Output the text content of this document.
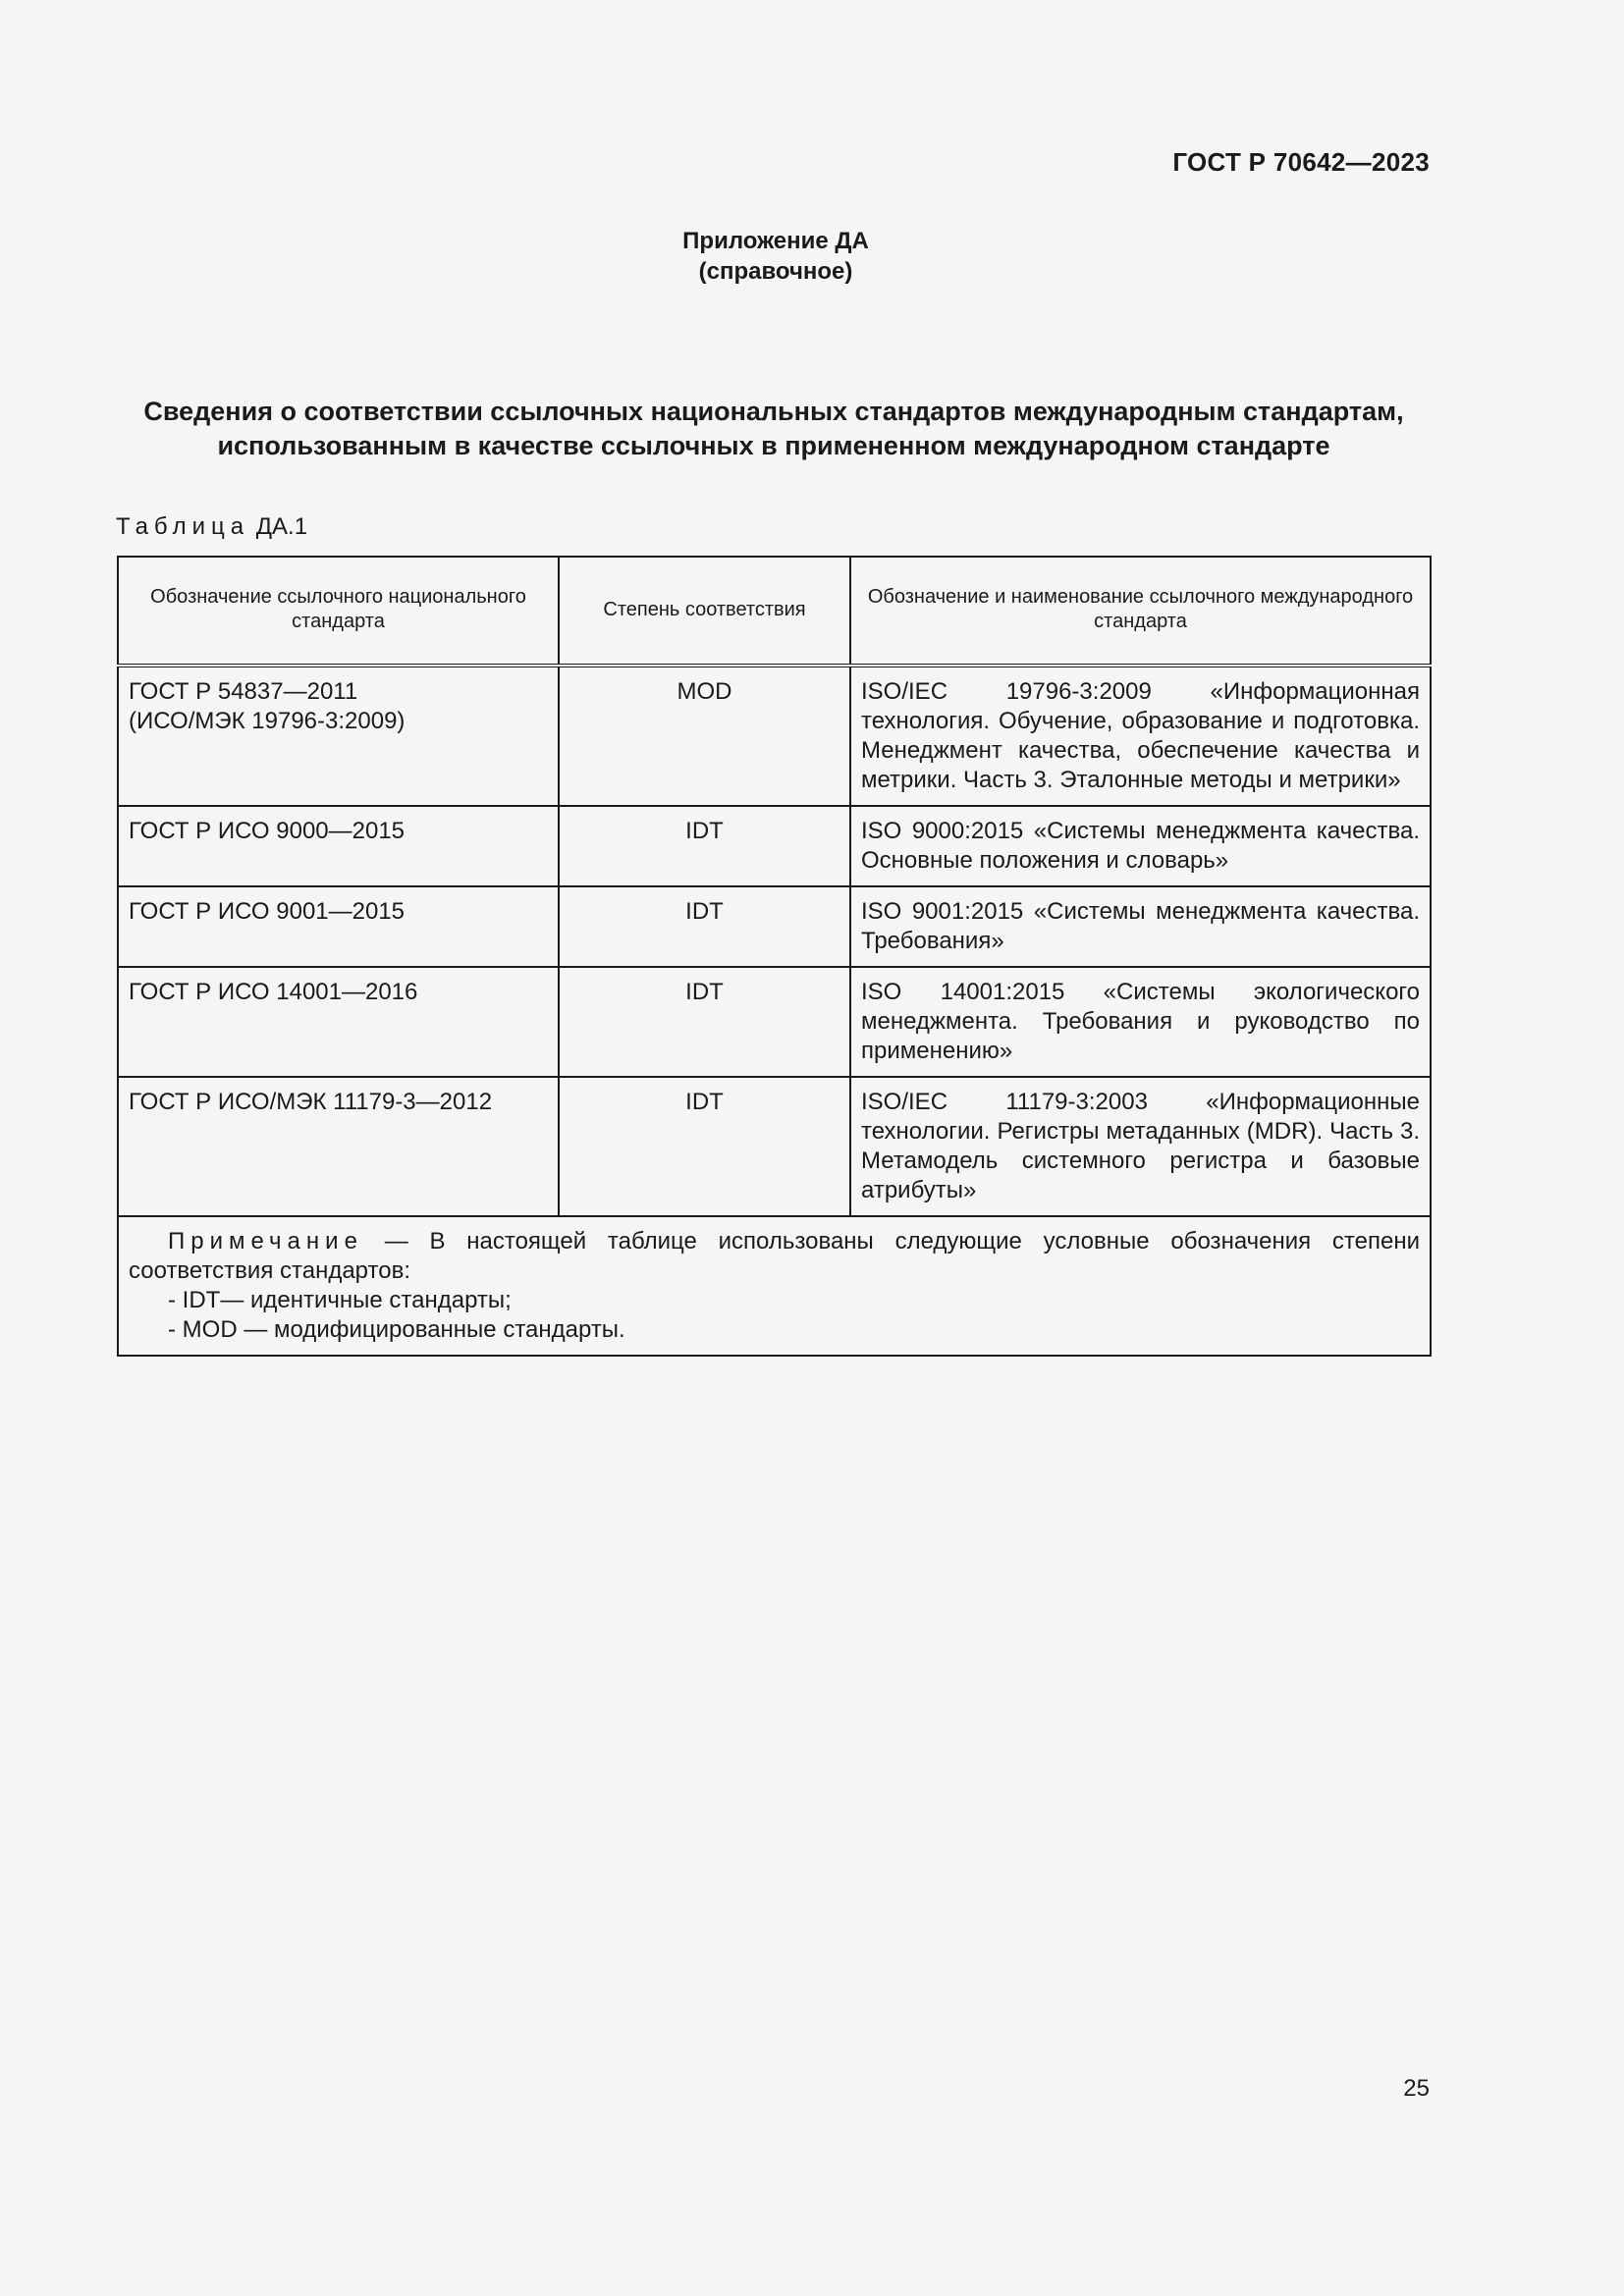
ГОСТ Р 70642—2023
Приложение ДА
(справочное)
Сведения о соответствии ссылочных национальных стандартов международным стандартам,
использованным в качестве ссылочных в примененном международном стандарте
Таблица ДА.1
Обозначение ссылочного национального стандарта	Степень соответствия	Обозначение и наименование ссылочного международного стандарта

ГОСТ Р 54837—2011
(ИСО/МЭК 19796-3:2009)	MOD	ISO/IEC 19796-3:2009 «Информационная технология. Обучение, образование и подготовка. Менеджмент качества, обеспечение качества и метрики. Часть 3. Эталонные методы и метрики»

ГОСТ Р ИСО 9000—2015	IDT	ISO 9000:2015 «Системы менеджмента качества. Основные положения и словарь»

ГОСТ Р ИСО 9001—2015	IDT	ISO 9001:2015 «Системы менеджмента качества. Требования»

ГОСТ Р ИСО 14001—2016	IDT	ISO 14001:2015 «Системы экологического менеджмента. Требования и руководство по применению»

ГОСТ Р ИСО/МЭК 11179-3—2012	IDT	ISO/IEC 11179-3:2003 «Информационные технологии. Регистры метаданных (MDR). Часть 3. Метамодель системного регистра и базовые атрибуты»

Примечание — В настоящей таблице использованы следующие условные обозначения степени соответствия стандартов:
- IDT— идентичные стандарты;
- MOD — модифицированные стандарты.		
25
